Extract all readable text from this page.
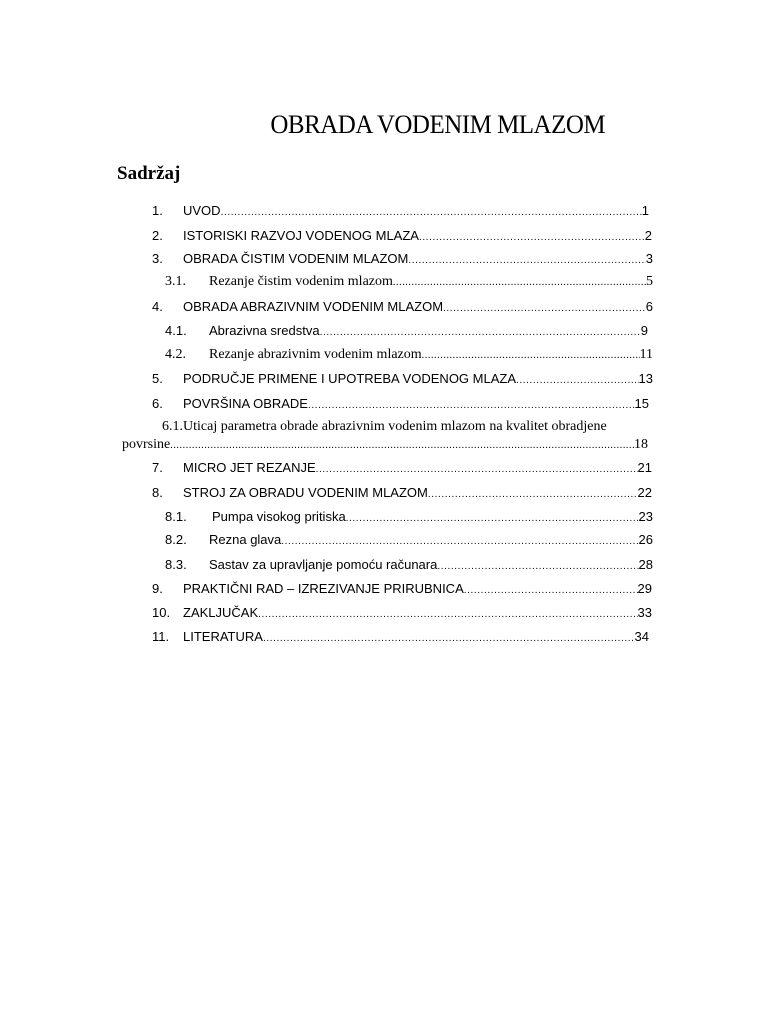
OBRADA VODENIM MLAZOM
Sadržaj
1.	UVOD .....	1
2.	ISTORISKI RAZVOJ VODENOG MLAZA .....	2
3.	OBRADA ČISTIM VODENIM MLAZOM .....	3
3.1.	Rezanje čistim vodenim mlazom .....	5
4.	OBRADA ABRAZIVNIM VODENIM MLAZOM .....	6
4.1.	Abrazivna sredstva .....	9
4.2.	Rezanje abrazivnim vodenim mlazom .....	11
5.	PODRUČJE PRIMENE I UPOTREBA VODENOG MLAZA .....	13
6.	POVRŠINA OBRADE .....	15
6.1.Uticaj parametra obrade abrazivnim vodenim mlazom na kvalitet obradjene
povrsine .....	18
7.	MICRO JET REZANJE .....	21
8.	STROJ ZA OBRADU VODENIM MLAZOM .....	22
8.1.	Pumpa visokog pritiska .....	23
8.2.	Rezna glava .....	26
8.3.	Sastav za upravljanje pomoću računara .....	28
9.	PRAKTIČNI RAD – IZREZIVANJE PRIRUBNICA .....	29
10. ZAKLJUČAK .....	33
11.	LITERATURA .....	34
